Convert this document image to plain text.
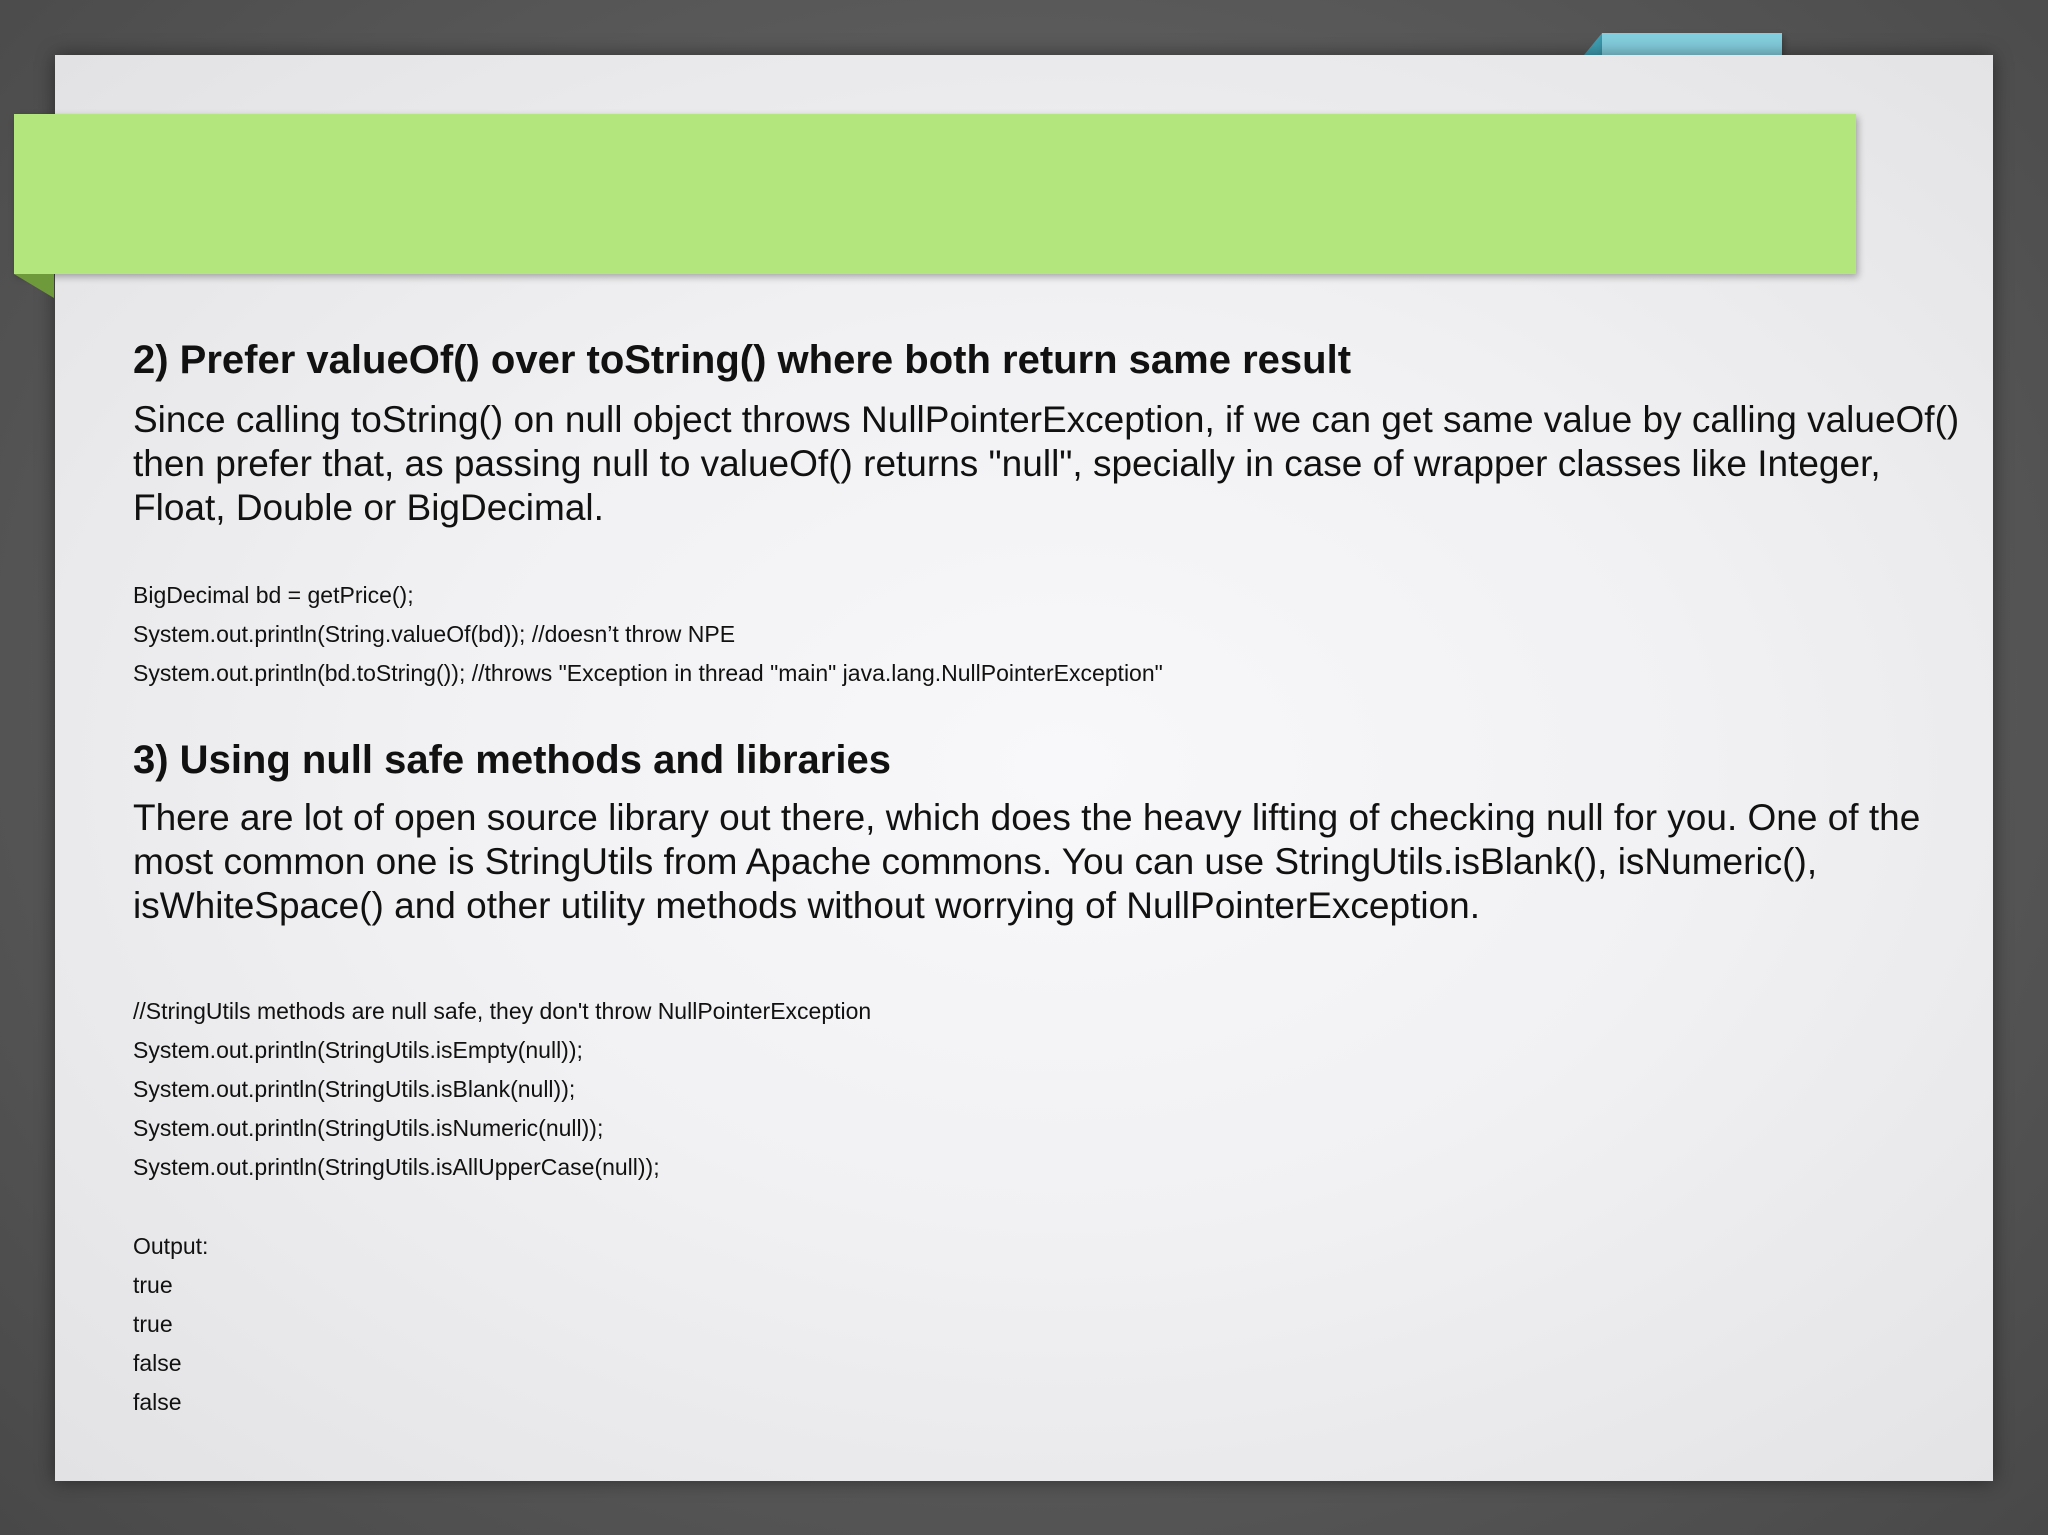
2) Prefer valueOf() over toString() where both return same result
Since calling toString() on null object throws NullPointerException, if we can get same value by calling valueOf() then prefer that, as passing null to valueOf() returns "null", specially in case of wrapper classes like Integer, Float, Double or BigDecimal.
BigDecimal bd = getPrice();
System.out.println(String.valueOf(bd)); //doesn’t throw NPE
System.out.println(bd.toString()); //throws "Exception in thread "main" java.lang.NullPointerException"
3) Using null safe methods and libraries
There are lot of open source library out there, which does the heavy lifting of checking null for you. One of the most common one is StringUtils from Apache commons. You can use StringUtils.isBlank(), isNumeric(), isWhiteSpace() and other utility methods without worrying of NullPointerException.
//StringUtils methods are null safe, they don't throw NullPointerException
System.out.println(StringUtils.isEmpty(null));
System.out.println(StringUtils.isBlank(null));
System.out.println(StringUtils.isNumeric(null));
System.out.println(StringUtils.isAllUpperCase(null));
Output:
true
true
false
false
